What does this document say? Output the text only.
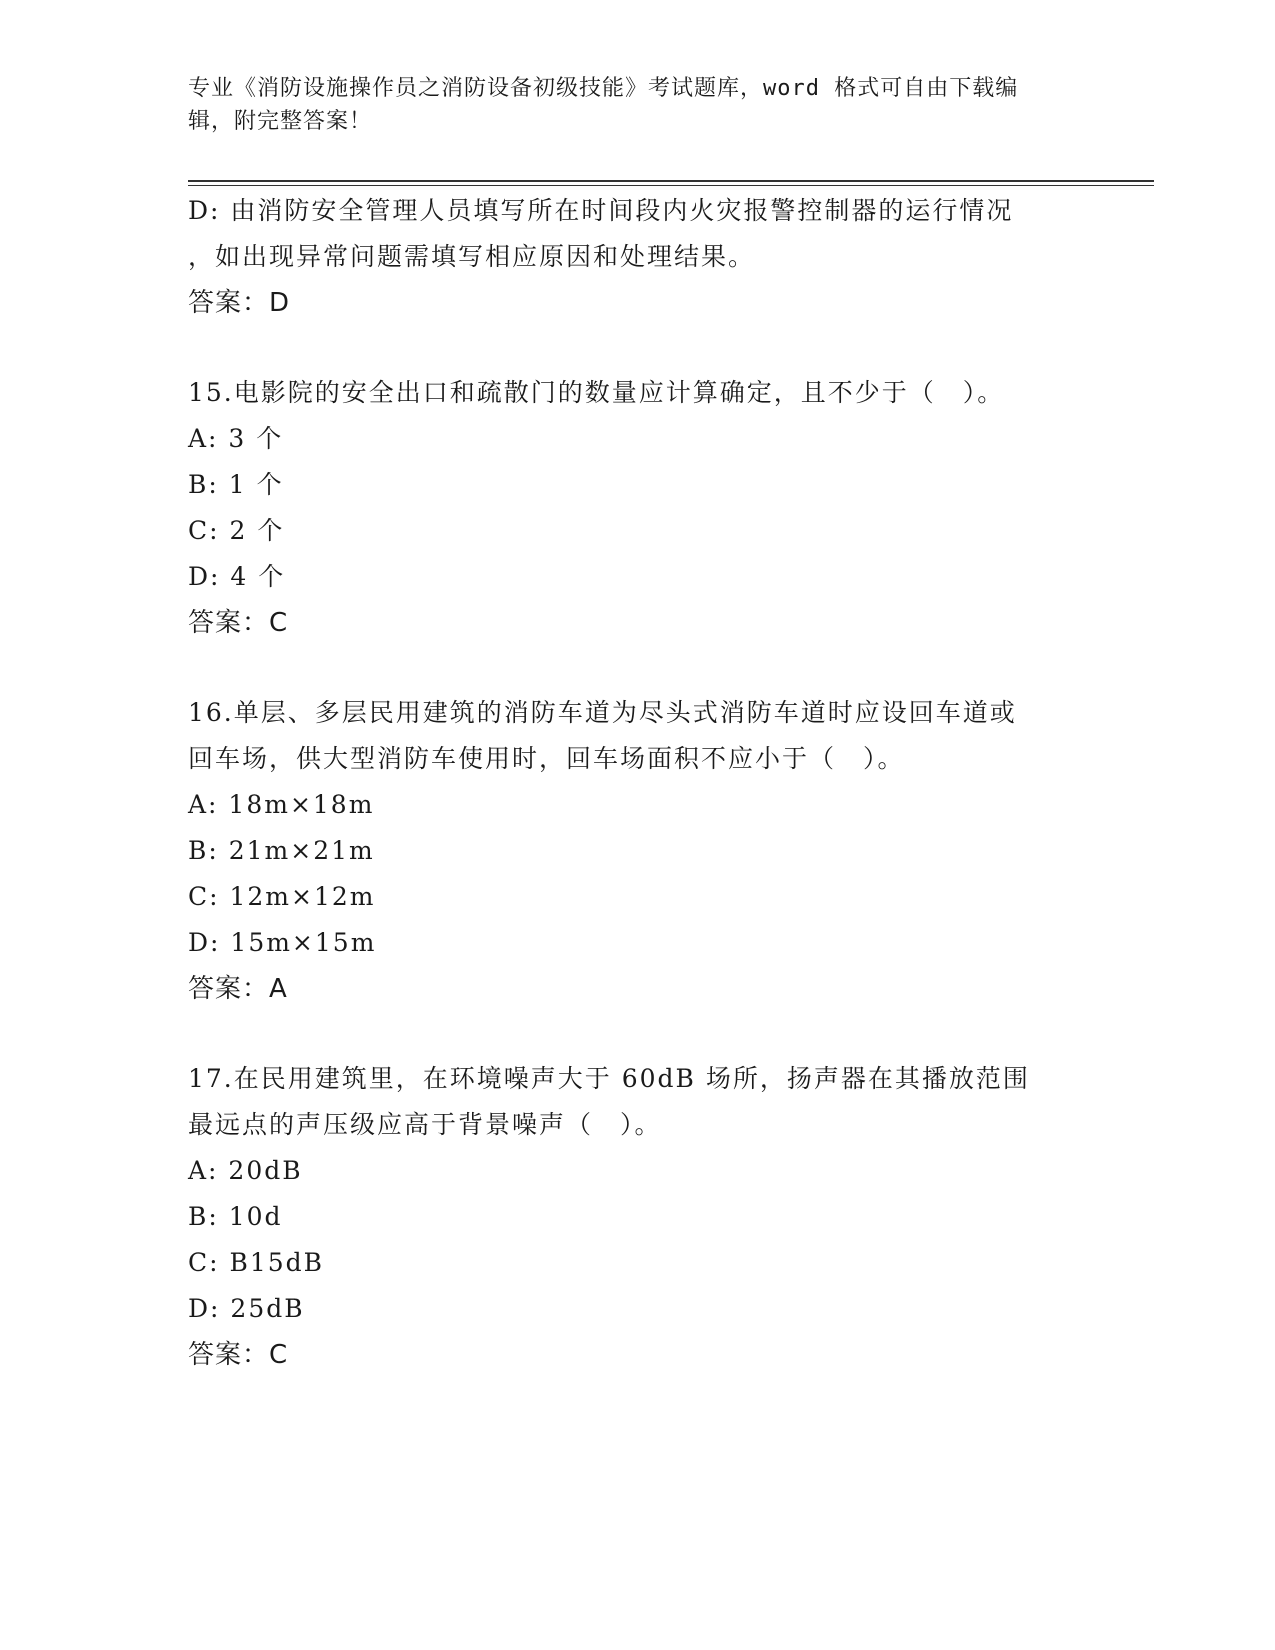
专业《消防设施操作员之消防设备初级技能》考试题库，word 格式可自由下载编
辑，附完整答案！
D: 由消防安全管理人员填写所在时间段内火灾报警控制器的运行情况
，如出现异常问题需填写相应原因和处理结果。
答案：D
15.电影院的安全出口和疏散门的数量应计算确定，且不少于（　）。
A: 3 个
B: 1 个
C: 2 个
D: 4 个
答案：C
16.单层、多层民用建筑的消防车道为尽头式消防车道时应设回车道或
回车场，供大型消防车使用时，回车场面积不应小于（　）。
A: 18m×18m
B: 21m×21m
C: 12m×12m
D: 15m×15m
答案：A
17.在民用建筑里，在环境噪声大于 60dB 场所，扬声器在其播放范围
最远点的声压级应高于背景噪声（　）。
A: 20dB
B: 10d
C: B15dB
D: 25dB
答案：C
